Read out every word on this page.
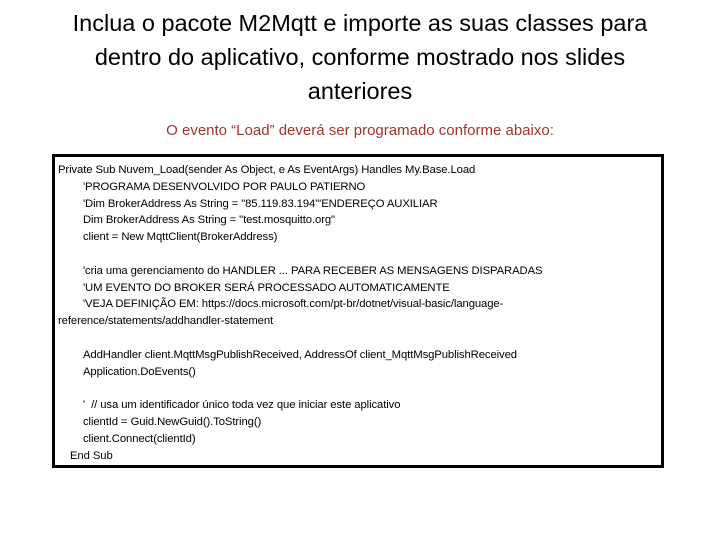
Inclua o pacote M2Mqtt e importe as suas classes para
dentro do aplicativo, conforme mostrado nos slides
anteriores
O evento “Load” deverá ser programado conforme abaixo:
Private Sub Nuvem_Load(sender As Object, e As EventArgs) Handles My.Base.Load
'PROGRAMA DESENVOLVIDO POR PAULO PATIERNO
'Dim BrokerAddress As String = "85.119.83.194"'ENDEREÇO AUXILIAR
Dim BrokerAddress As String = "test.mosquitto.org"
client = New MqttClient(BrokerAddress)
'cria uma gerenciamento do HANDLER ... PARA RECEBER AS MENSAGENS DISPARADAS
'UM EVENTO DO BROKER SERÁ PROCESSADO AUTOMATICAMENTE
'VEJA DEFINIÇÃO EM: https://docs.microsoft.com/pt-br/dotnet/visual-basic/language-
reference/statements/addhandler-statement
AddHandler client.MqttMsgPublishReceived, AddressOf client_MqttMsgPublishReceived
Application.DoEvents()
'  // usa um identificador único toda vez que iniciar este aplicativo
clientId = Guid.NewGuid().ToString()
client.Connect(clientId)
End Sub
